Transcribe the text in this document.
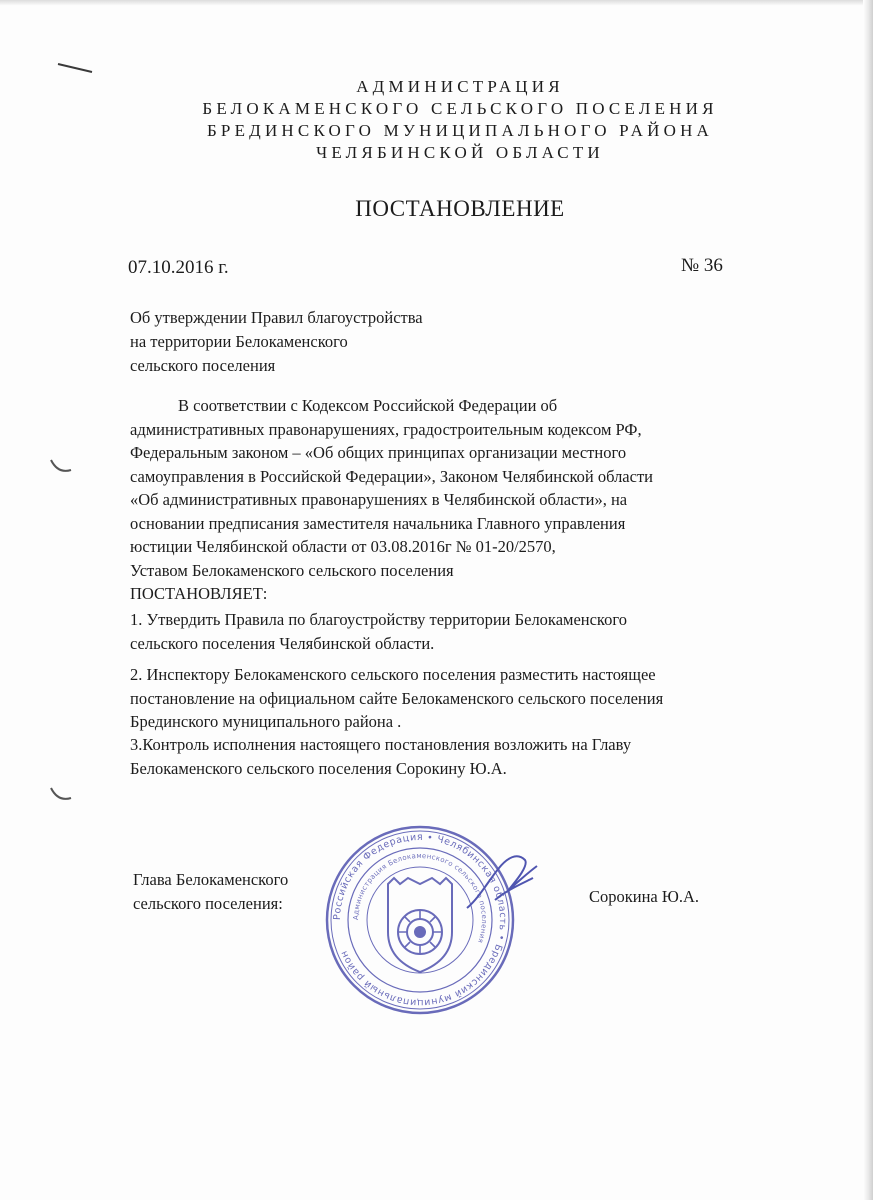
АДМИНИСТРАЦИЯ
БЕЛОКАМЕНСКОГО СЕЛЬСКОГО ПОСЕЛЕНИЯ
БРЕДИНСКОГО МУНИЦИПАЛЬНОГО РАЙОНА
ЧЕЛЯБИНСКОЙ ОБЛАСТИ
ПОСТАНОВЛЕНИЕ
07.10.2016 г.	№ 36
Об утверждении Правил благоустройства
на территории Белокаменского
сельского поселения
В соответствии с Кодексом Российской Федерации об
административных правонарушениях, градостроительным кодексом РФ,
Федеральным законом – «Об общих принципах организации местного
самоуправления в Российской Федерации», Законом Челябинской области
«Об административных правонарушениях в Челябинской области», на
основании предписания заместителя начальника Главного управления
юстиции Челябинской области от 03.08.2016г № 01-20/2570,
Уставом Белокаменского сельского поселения
ПОСТАНОВЛЯЕТ:
1. Утвердить Правила по благоустройству территории Белокаменского
сельского поселения Челябинской области.
2. Инспектору Белокаменского сельского поселения разместить настоящее
постановление на официальном сайте Белокаменского сельского поселения
Брединского муниципального района .
3.Контроль исполнения настоящего постановления возложить на Главу
Белокаменского сельского поселения Сорокину Ю.А.
Глава Белокаменского
сельского поселения:
Российская Федерация • Челябинская область • Брединский муниципальный район
Администрация Белокаменского сельского поселения
Сорокина Ю.А.
